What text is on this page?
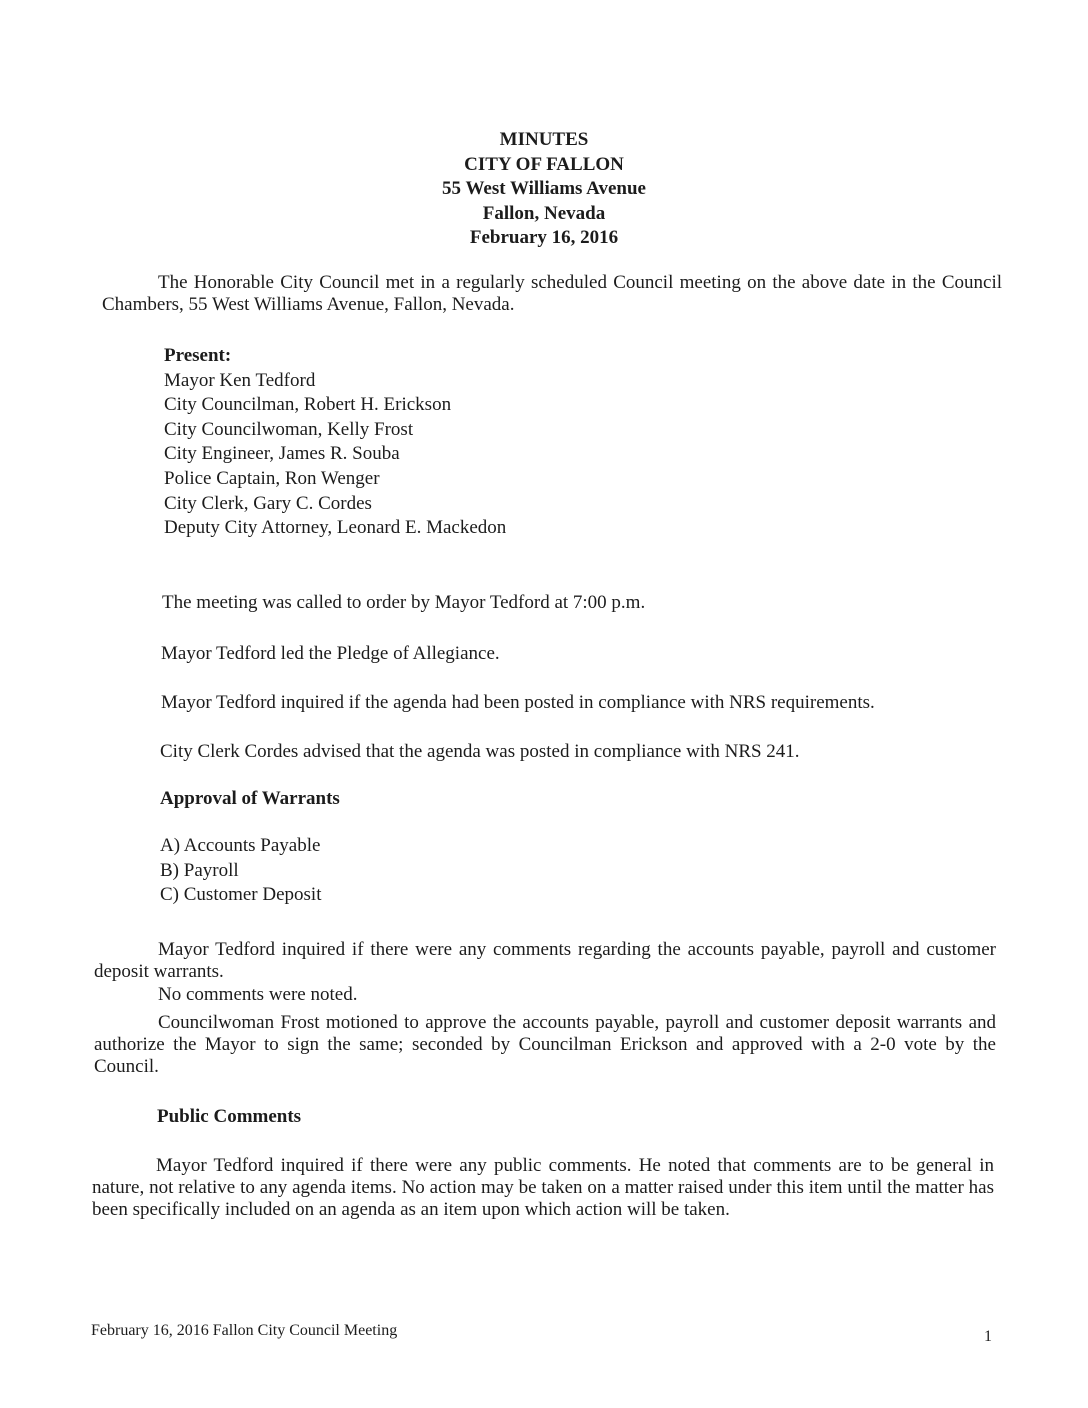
MINUTES
CITY OF FALLON
55 West Williams Avenue
Fallon, Nevada
February 16, 2016
The Honorable City Council met in a regularly scheduled Council meeting on the above date in the Council Chambers, 55 West Williams Avenue, Fallon, Nevada.
Present:
Mayor Ken Tedford
City Councilman, Robert H. Erickson
City Councilwoman, Kelly Frost
City Engineer, James R. Souba
Police Captain, Ron Wenger
City Clerk, Gary C. Cordes
Deputy City Attorney, Leonard E. Mackedon
The meeting was called to order by Mayor Tedford at 7:00 p.m.
Mayor Tedford led the Pledge of Allegiance.
Mayor Tedford inquired if the agenda had been posted in compliance with NRS requirements.
City Clerk Cordes advised that the agenda was posted in compliance with NRS 241.
Approval of Warrants
A) Accounts Payable
B) Payroll
C) Customer Deposit
Mayor Tedford inquired if there were any comments regarding the accounts payable, payroll and customer deposit warrants.
No comments were noted.
Councilwoman Frost motioned to approve the accounts payable, payroll and customer deposit warrants and authorize the Mayor to sign the same; seconded by Councilman Erickson and approved with a 2-0 vote by the Council.
Public Comments
Mayor Tedford inquired if there were any public comments. He noted that comments are to be general in nature, not relative to any agenda items. No action may be taken on a matter raised under this item until the matter has been specifically included on an agenda as an item upon which action will be taken.
February 16, 2016 Fallon City Council Meeting	1
